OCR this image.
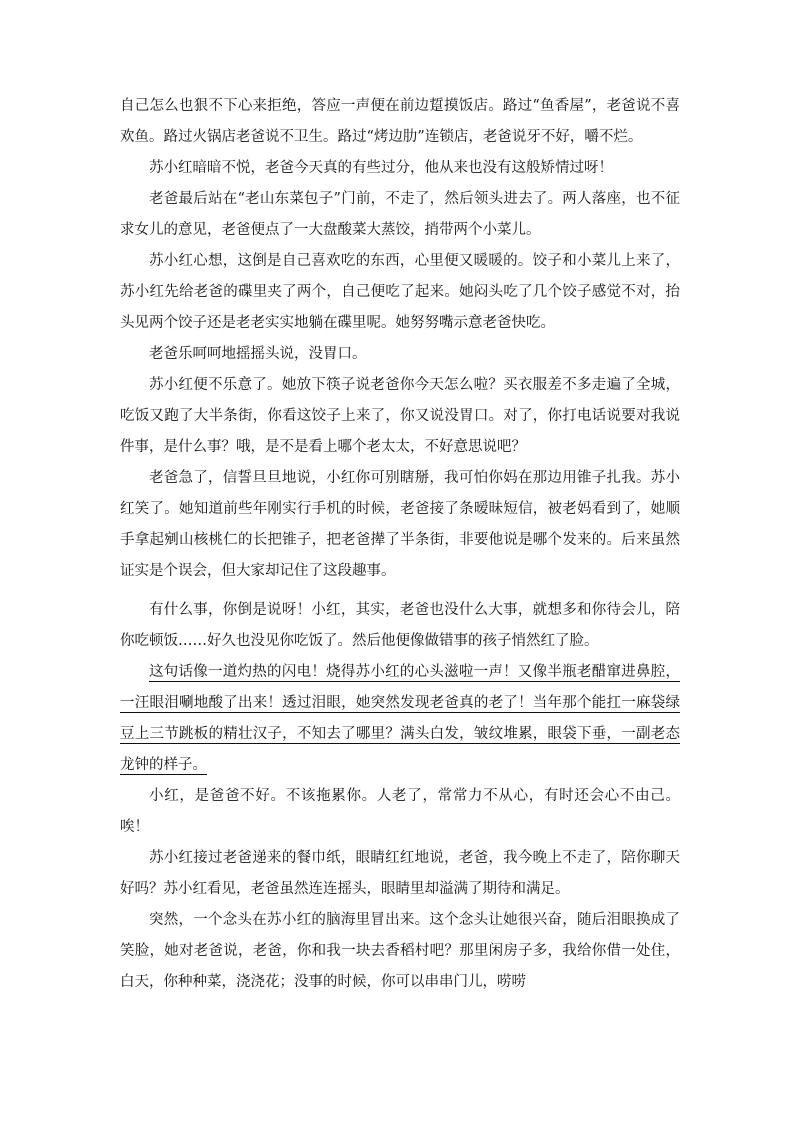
自己怎么也狠不下心来拒绝，答应一声便在前边踅摸饭店。路过“鱼香屋”，老爸说不喜欢鱼。路过火锅店老爸说不卫生。路过“烤边肋”连锁店，老爸说牙不好，嚼不烂。

苏小红暗暗不悦，老爸今天真的有些过分，他从来也没有这般矫情过呀！

老爸最后站在“老山东菜包子”门前，不走了，然后领头进去了。两人落座，也不征求女儿的意见，老爸便点了一大盘酸菜大蒸饺，捎带两个小菜儿。

苏小红心想，这倒是自己喜欢吃的东西，心里便又暖暖的。饺子和小菜儿上来了，苏小红先给老爸的碟里夹了两个，自己便吃了起来。她闷头吃了几个饺子感觉不对，抬头见两个饺子还是老老实实地躺在碟里呢。她努努嘴示意老爸快吃。

老爸乐呵呵地摇摇头说，没胃口。

苏小红便不乐意了。她放下筷子说老爸你今天怎么啦？买衣服差不多走遍了全城，吃饭又跑了大半条街，你看这饺子上来了，你又说没胃口。对了，你打电话说要对我说件事，是什么事？哦，是不是看上哪个老太太，不好意思说吧？

老爸急了，信誓旦旦地说，小红你可别瞎掰，我可怕你妈在那边用锥子扎我。苏小红笑了。她知道前些年刚实行手机的时候，老爸接了条暧昧短信，被老妈看到了，她顺手拿起剜山核桃仁的长把锥子，把老爸撵了半条街，非要他说是哪个发来的。后来虽然证实是个误会，但大家却记住了这段趣事。

有什么事，你倒是说呀！小红，其实，老爸也没什么大事，就想多和你待会儿，陪你吃顿饭……好久也没见你吃饭了。然后他便像做错事的孩子悄然红了脸。

这句话像一道灼热的闪电！烧得苏小红的心头滋啦一声！又像半瓶老醋窜进鼻腔，一汪眼泪唰地酸了出来！透过泪眼，她突然发现老爸真的老了！当年那个能扛一麻袋绿豆上三节跳板的精壮汉子，不知去了哪里？满头白发，皱纹堆累，眼袋下垂，一副老态龙钟的样子。

小红，是爸爸不好。不该拖累你。人老了，常常力不从心，有时还会心不由己。唉！

苏小红接过老爸递来的餐巾纸，眼睛红红地说，老爸，我今晚上不走了，陪你聊天好吗？苏小红看见，老爸虽然连连摇头，眼睛里却溢满了期待和满足。

突然，一个念头在苏小红的脑海里冒出来。这个念头让她很兴奋，随后泪眼换成了笑脸，她对老爸说，老爸，你和我一块去香稻村吧？那里闲房子多，我给你借一处住，白天，你种种菜，浇浇花；没事的时候，你可以串串门儿，唠唠
